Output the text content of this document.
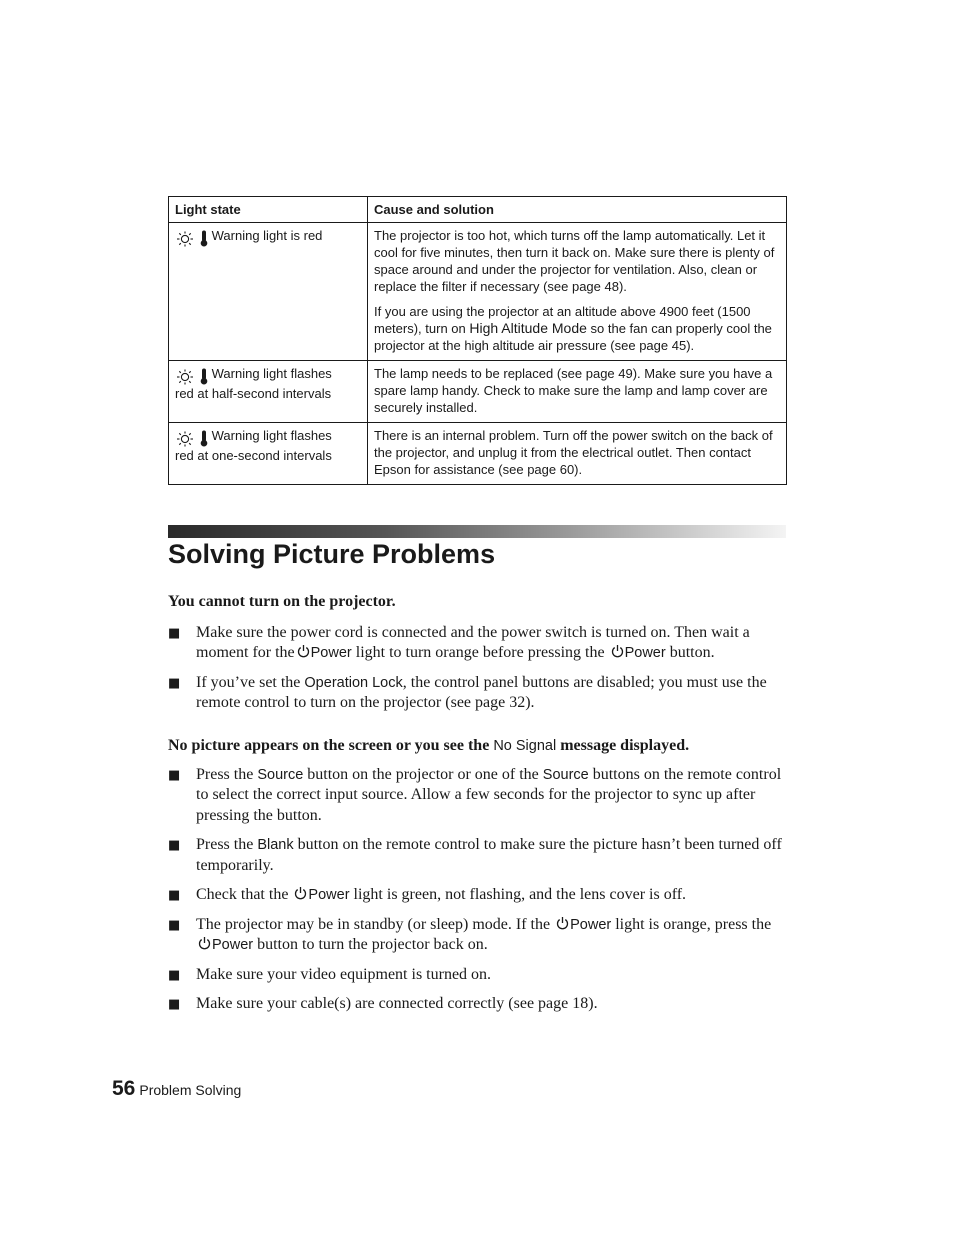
Light state	Cause and solution
Warning light is red	The projector is too hot, which turns off the lamp automatically. Let it cool for five minutes, then turn it back on. Make sure there is plenty of space around and under the projector for ventilation. Also, clean or replace the filter if necessary (see page 48).

If you are using the projector at an altitude above 4900 feet (1500 meters), turn on High Altitude Mode so the fan can properly cool the projector at the high altitude air pressure (see page 45).

Warning light flashes
red at half-second intervals	The lamp needs to be replaced (see page 49). Make sure you have a spare lamp handy. Check to make sure the lamp and lamp cover are securely installed.
Warning light flashes
red at one-second intervals	There is an internal problem. Turn off the power switch on the back of the projector, and unplug it from the electrical outlet. Then contact Epson for assistance (see page 60).
Solving Picture Problems

You cannot turn on the projector.

■ Make sure the power cord is connected and the power switch is turned on. Then wait a moment for the Power light to turn orange before pressing the Power button.

■ If you’ve set the Operation Lock, the control panel buttons are disabled; you must use the remote control to turn on the projector (see page 32).

No picture appears on the screen or you see the No Signal message displayed.

■ Press the Source button on the projector or one of the Source buttons on the remote control to select the correct input source. Allow a few seconds for the projector to sync up after pressing the button.

■ Press the Blank button on the remote control to make sure the picture hasn’t been turned off temporarily.

■ Check that the Power light is green, not flashing, and the lens cover is off.

■ The projector may be in standby (or sleep) mode. If the Power light is orange, press the Power button to turn the projector back on.

■ Make sure your video equipment is turned on.

■ Make sure your cable(s) are connected correctly (see page 18).

56 Problem Solving
